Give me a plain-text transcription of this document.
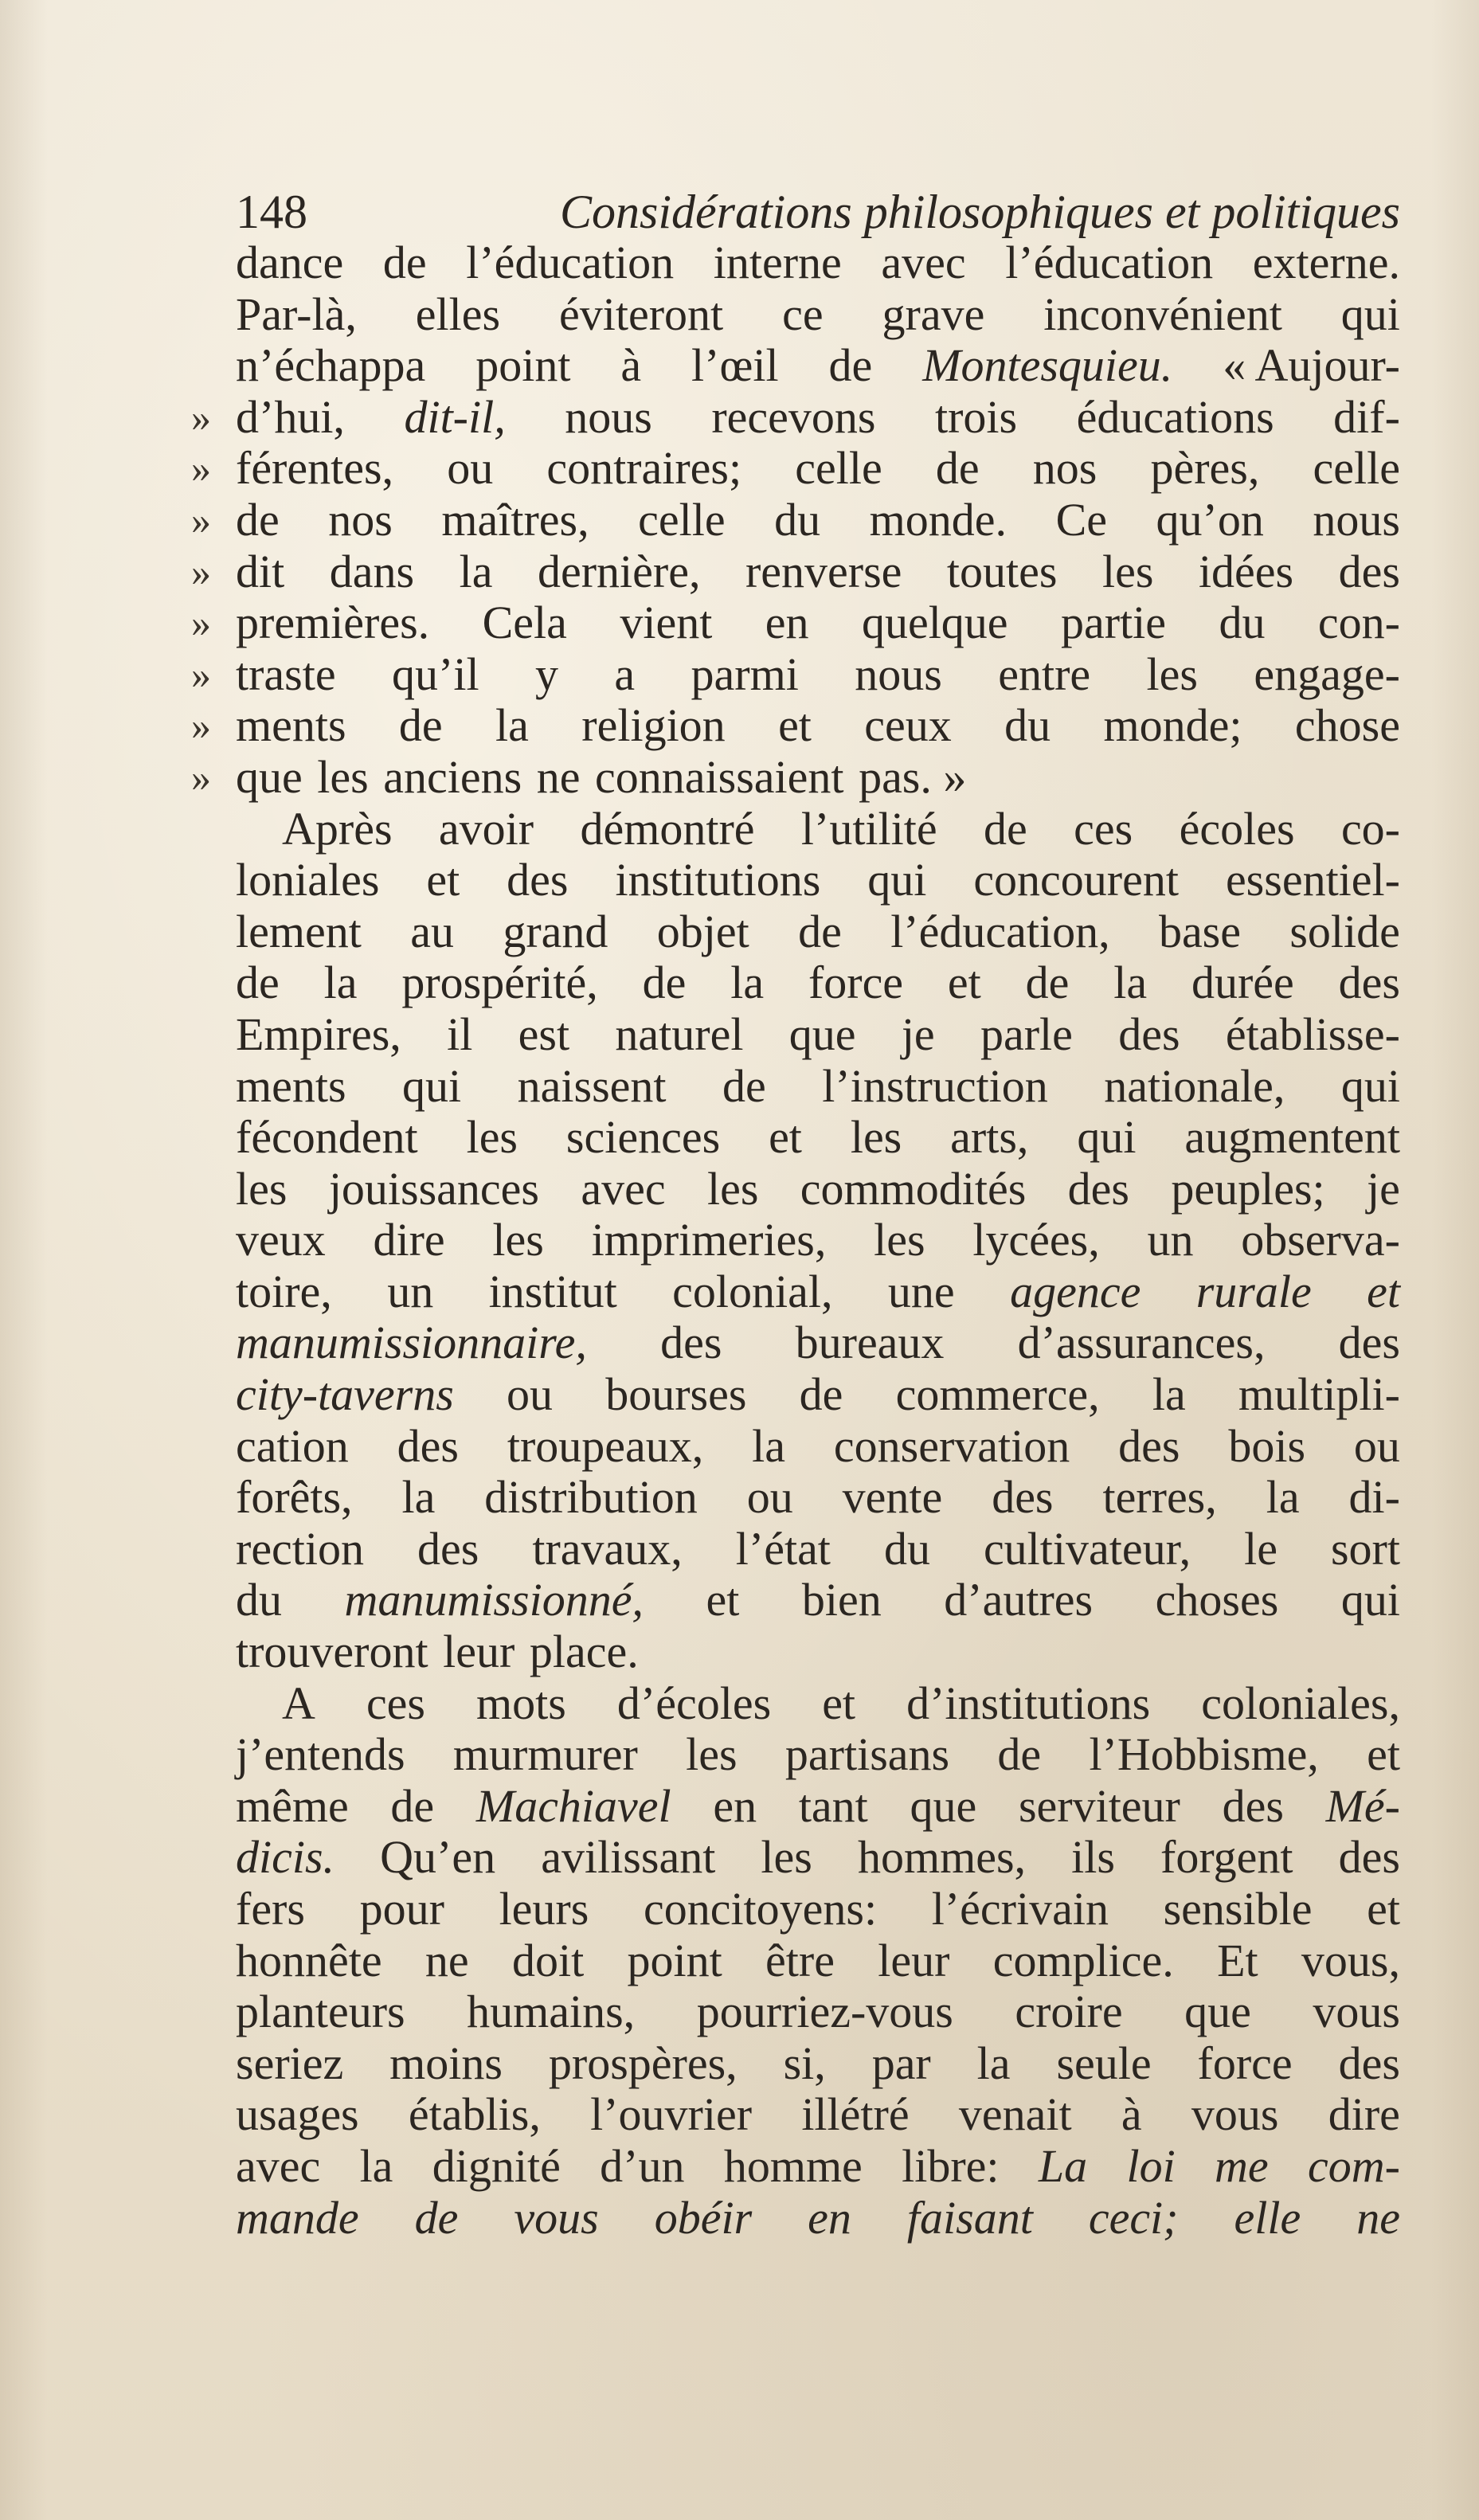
148	Considérations philosophiques et politiques
dance de l’éducation interne avec l’éducation externe.
Par-là, elles éviteront ce grave inconvénient qui
n’échappa point à l’œil de Montesquieu. « Aujour-
» d’hui, dit-il, nous recevons trois éducations dif-
» férentes, ou contraires; celle de nos pères, celle
» de nos maîtres, celle du monde. Ce qu’on nous
» dit dans la dernière, renverse toutes les idées des
» premières. Cela vient en quelque partie du con-
» traste qu’il y a parmi nous entre les engage-
» ments de la religion et ceux du monde; chose
» que les anciens ne connaissaient pas. »
Après avoir démontré l’utilité de ces écoles co-
loniales et des institutions qui concourent essentiel-
lement au grand objet de l’éducation, base solide
de la prospérité, de la force et de la durée des
Empires, il est naturel que je parle des établisse-
ments qui naissent de l’instruction nationale, qui
fécondent les sciences et les arts, qui augmentent
les jouissances avec les commodités des peuples; je
veux dire les imprimeries, les lycées, un observa-
toire, un institut colonial, une agence rurale et
manumissionnaire, des bureaux d’assurances, des
city-taverns ou bourses de commerce, la multipli-
cation des troupeaux, la conservation des bois ou
forêts, la distribution ou vente des terres, la di-
rection des travaux, l’état du cultivateur, le sort
du manumissionné, et bien d’autres choses qui
trouveront leur place.
A ces mots d’écoles et d’institutions coloniales,
j’entends murmurer les partisans de l’Hobbisme, et
même de Machiavel en tant que serviteur des Mé-
dicis. Qu’en avilissant les hommes, ils forgent des
fers pour leurs concitoyens: l’écrivain sensible et
honnête ne doit point être leur complice. Et vous,
planteurs humains, pourriez-vous croire que vous
seriez moins prospères, si, par la seule force des
usages établis, l’ouvrier illétré venait à vous dire
avec la dignité d’un homme libre: La loi me com-
mande de vous obéir en faisant ceci; elle ne
